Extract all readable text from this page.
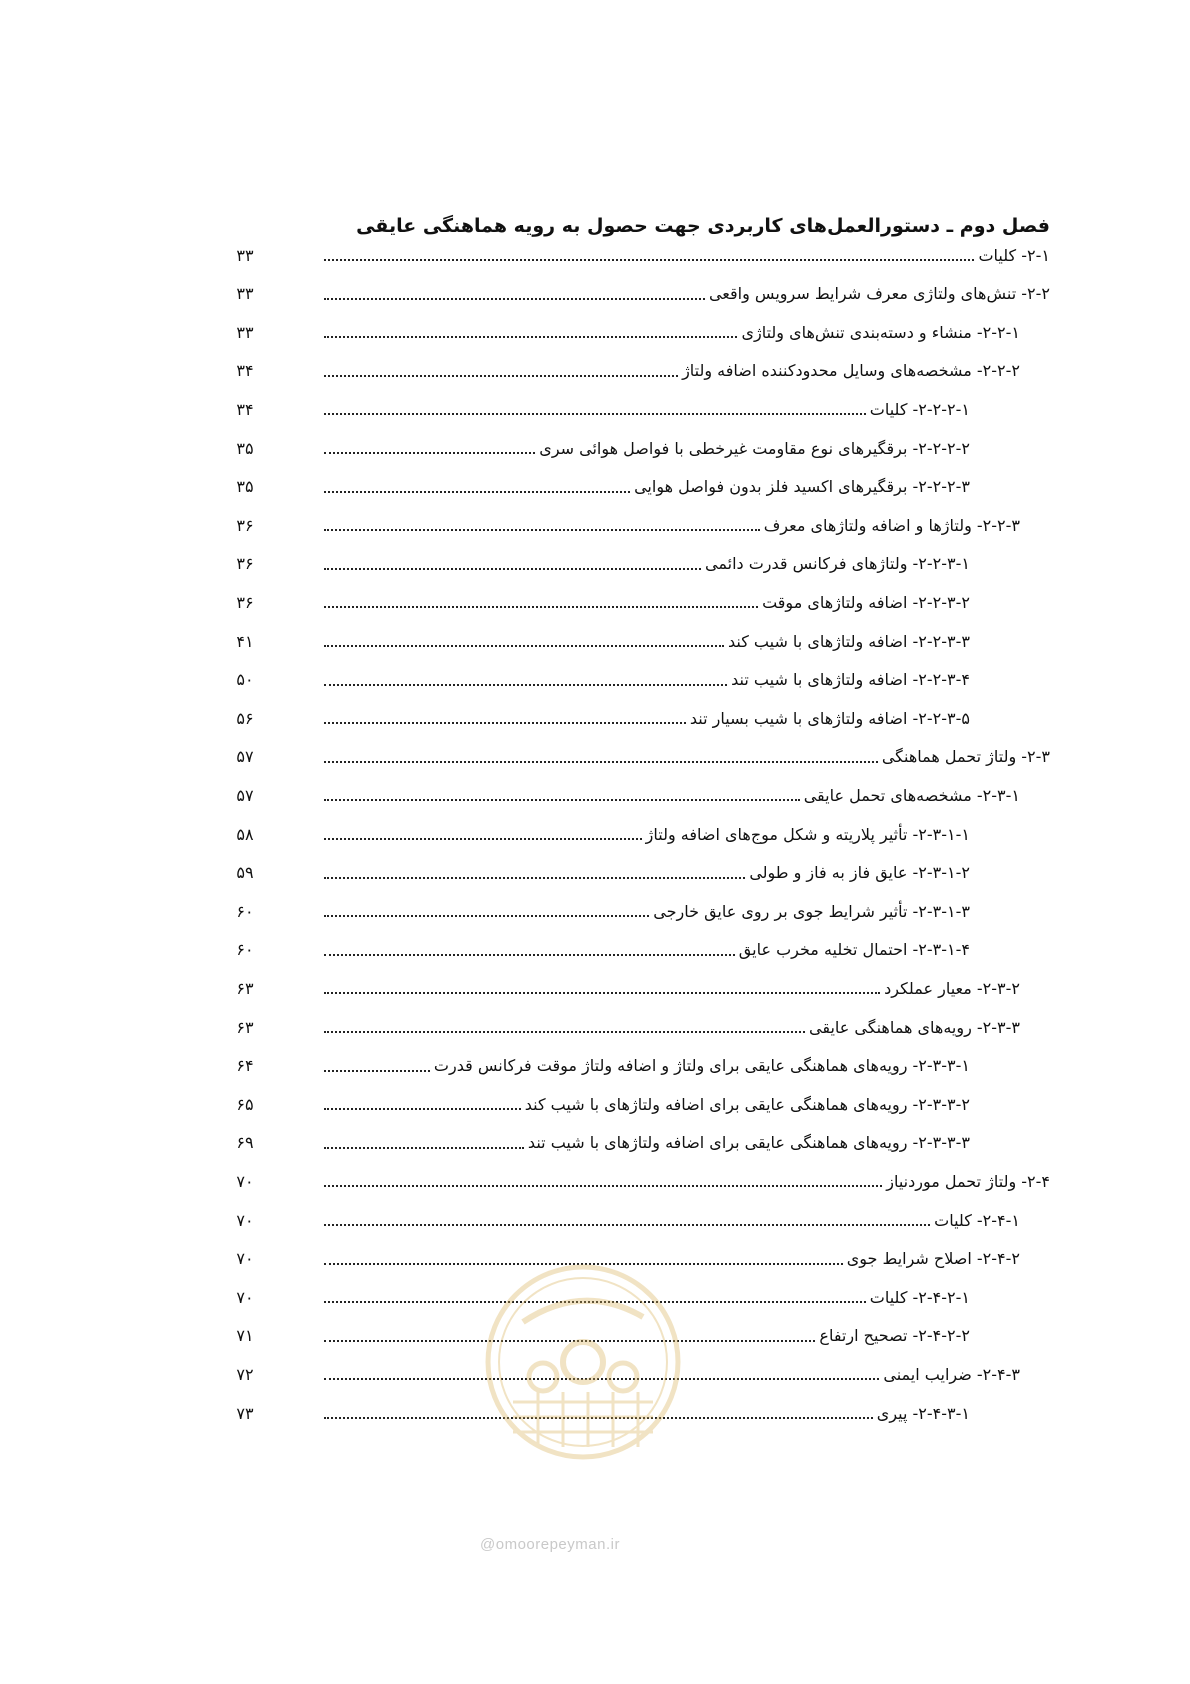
فصل دوم ـ دستورالعمل‌های کاربردی جهت حصول به رویه هماهنگی عایقی
۲-۱- کلیات
۳۳
۲-۲- تنش‌های ولتاژی معرف شرایط سرویس واقعی
۳۳
۲-۲-۱- منشاء و دسته‌بندی تنش‌های ولتاژی
۳۳
۲-۲-۲- مشخصه‌های وسایل محدودکننده اضافه ولتاژ
۳۴
۲-۲-۲-۱- کلیات
۳۴
۲-۲-۲-۲- برقگیرهای نوع مقاومت غیرخطی با فواصل هوائی سری
۳۵
۲-۲-۲-۳- برقگیرهای اکسید فلز بدون فواصل هوایی
۳۵
۲-۲-۳- ولتاژها و اضافه ولتاژهای معرف
۳۶
۲-۲-۳-۱- ولتاژهای فرکانس قدرت دائمی
۳۶
۲-۲-۳-۲- اضافه ولتاژهای موقت
۳۶
۲-۲-۳-۳- اضافه ولتاژهای با شیب کند
۴۱
۲-۲-۳-۴- اضافه ولتاژهای با شیب تند
۵۰
۲-۲-۳-۵- اضافه ولتاژهای با شیب بسیار تند
۵۶
۲-۳- ولتاژ تحمل هماهنگی
۵۷
۲-۳-۱- مشخصه‌های تحمل عایقی
۵۷
۲-۳-۱-۱- تأثیر پلاریته و شکل موج‌های اضافه ولتاژ
۵۸
۲-۳-۱-۲- عایق فاز به فاز و طولی
۵۹
۲-۳-۱-۳- تأثیر شرایط جوی بر روی عایق خارجی
۶۰
۲-۳-۱-۴- احتمال تخلیه مخرب عایق
۶۰
۲-۳-۲- معیار عملکرد
۶۳
۲-۳-۳- رویه‌های هماهنگی عایقی
۶۳
۲-۳-۳-۱- رویه‌های هماهنگی عایقی برای ولتاژ و اضافه ولتاژ موقت فرکانس قدرت
۶۴
۲-۳-۳-۲- رویه‌های هماهنگی عایقی برای اضافه ولتاژهای با شیب کند
۶۵
۲-۳-۳-۳- رویه‌های هماهنگی عایقی برای اضافه ولتاژهای با شیب تند
۶۹
۲-۴- ولتاژ تحمل موردنیاز
۷۰
۲-۴-۱- کلیات
۷۰
۲-۴-۲- اصلاح شرایط جوی
۷۰
۲-۴-۲-۱- کلیات
۷۰
۲-۴-۲-۲- تصحیح ارتفاع
۷۱
۲-۴-۳- ضرایب ایمنی
۷۲
۲-۴-۳-۱- پیری
۷۳
@omoorepeyman.ir
